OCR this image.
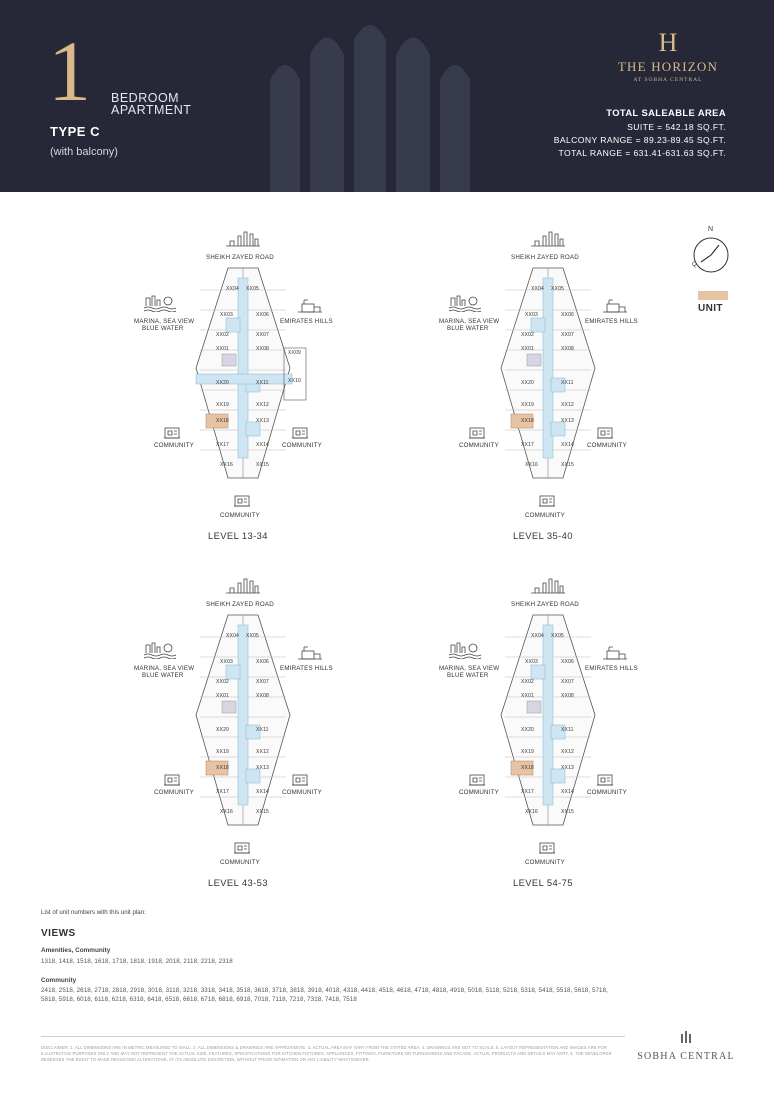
1 BEDROOM
APARTMENT
TYPE C
(with balcony)
H
THE HORIZON
AT SOBHA CENTRAL
TOTAL SALEABLE AREA
SUITE = 542.18 SQ.FT.
BALCONY RANGE = 89.23-89.45 SQ.FT.
TOTAL RANGE = 631.41-631.63 SQ.FT.
N
Q
UNIT
XX04 XX05
XX03
XX02
XX01
XX20
XX19
XX18
XX17
XX16
XX06
XX07
XX08
XX11
XX12
XX13
XX14
XX15
XX09
XX10
SHEIKH ZAYED ROAD
MARINA, SEA VIEW
BLUE WATER
EMIRATES HILLS
COMMUNITY	COMMUNITY
COMMUNITY
LEVEL 13-34
XX04 XX05
XX03
XX02
XX01
XX20
XX19
XX18
XX17
XX16
XX06
XX07
XX08
XX11
XX12
XX13
XX14
XX15
SHEIKH ZAYED ROAD
MARINA, SEA VIEW
BLUE WATER
EMIRATES HILLS
COMMUNITY	COMMUNITY
COMMUNITY
LEVEL 35-40
XX04 XX05
XX03
XX02
XX01
XX20
XX19
XX18
XX17
XX16
XX06
XX07
XX08
XX11
XX12
XX13
XX14
XX15
SHEIKH ZAYED ROAD
MARINA, SEA VIEW
BLUE WATER
EMIRATES HILLS
COMMUNITY	COMMUNITY
COMMUNITY
LEVEL 43-53
XX04 XX05
XX03
XX02
XX01
XX20
XX19
XX18
XX17
XX16
XX06
XX07
XX08
XX11
XX12
XX13
XX14
XX15
SHEIKH ZAYED ROAD
MARINA, SEA VIEW
BLUE WATER
EMIRATES HILLS
COMMUNITY	COMMUNITY
COMMUNITY
LEVEL 54-75
List of unit numbers with this unit plan:
VIEWS
Amenities, Community
1318, 1418, 1518, 1618, 1718, 1818, 1918, 2018, 2118, 2218, 2318
Community
2418, 2518, 2618, 2718, 2818, 2918, 3018, 3118, 3218, 3318, 3418, 3518, 3618, 3718, 3818, 3918, 4018, 4318, 4418, 4518, 4618, 4718, 4818, 4918, 5018, 5118, 5218, 5318, 5418, 5518, 5618, 5718, 5818, 5918, 6018, 6118, 6218, 6318, 6418, 6518, 6618, 6718, 6818, 6918, 7018, 7118, 7218, 7318, 7418, 7518
DISCLAIMER: 1. ALL DIMENSIONS ARE IN METRIC MEASURED TO WALL. 2. ALL DIMENSIONS & DRAWINGS ARE APPROXIMATE. 3. ACTUAL AREA MAY VARY FROM THE STATED AREA. 4. DRAWINGS ARE NOT TO SCALE. 5. LAYOUT REPRESENTATION AND IMAGES ARE FOR ILLUSTRATIVE PURPOSES ONLY AND MAY NOT REPRESENT THE ACTUAL SIZE, FEATURES, SPECIFICATIONS FOR KITCHEN FIXTURES, APPLIANCES, FITTINGS, FURNITURE OR FURNISHINGS AND FACADE. ACTUAL PRODUCTS AND DETAILS MAY VARY. 6. THE DEVELOPER RESERVES THE RIGHT TO MAKE REVISIONS/ ALTERATIONS, AT ITS ABSOLUTE DISCRETION, WITHOUT PRIOR INTIMATION OR ANY LIABILITY WHATSOEVER.	SOBHA CENTRAL
